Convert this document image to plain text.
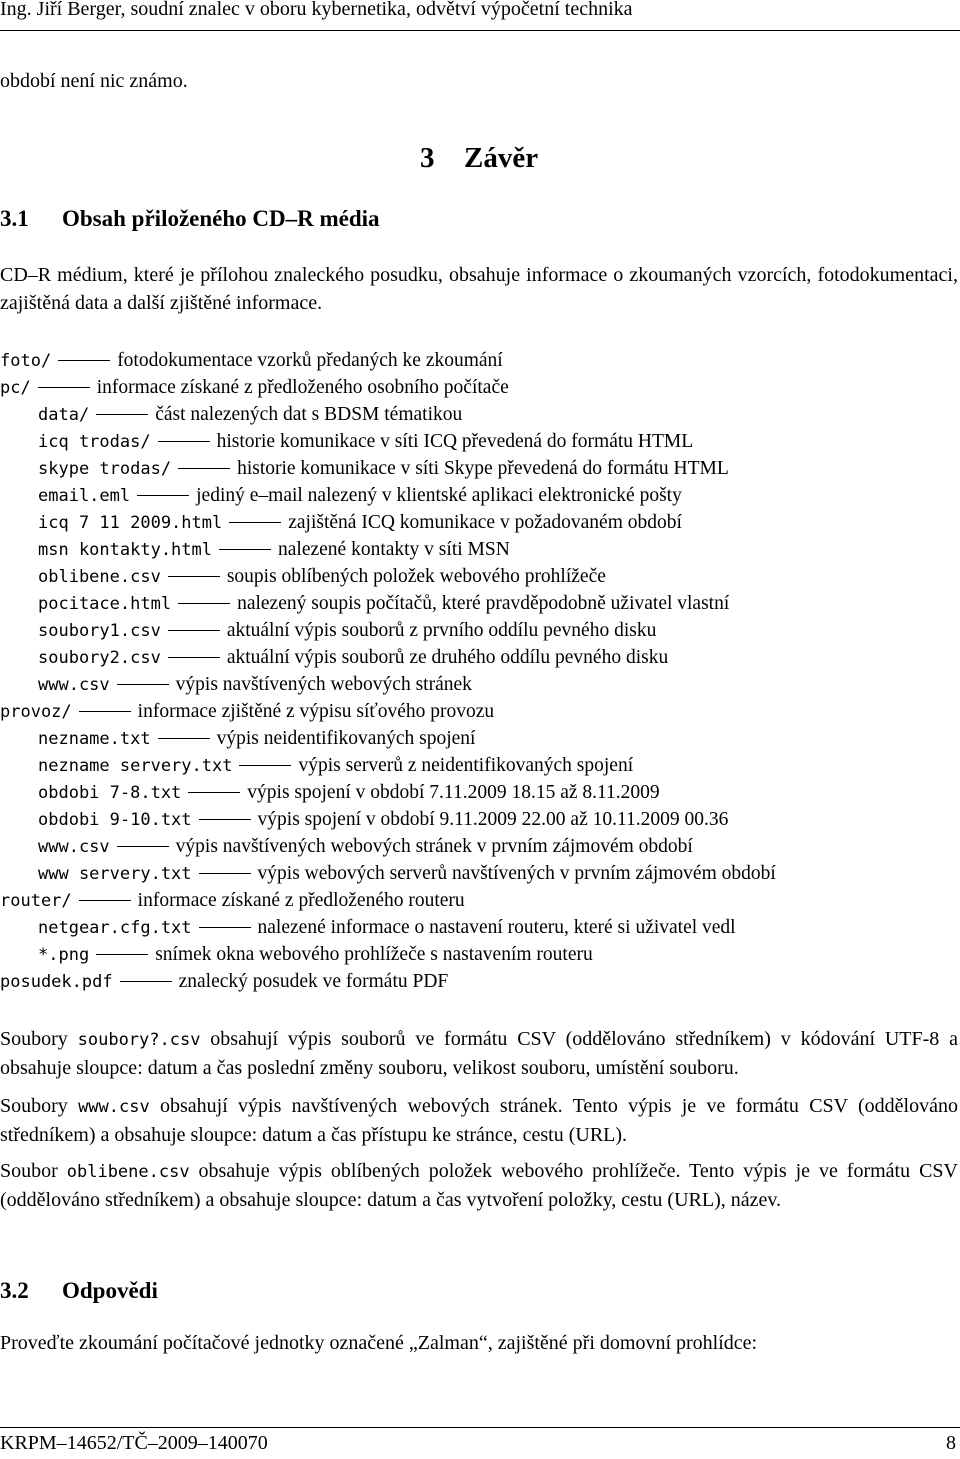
Ing. Jiří Berger, soudní znalec v oboru kybernetika, odvětví výpočetní technika
období není nic známo.
3 Závěr
3.1 Obsah přiloženého CD–R média
CD–R médium, které je přílohou znaleckého posudku, obsahuje informace o zkoumaných vzorcích, fotodokumentaci, zajištěná data a další zjištěné informace.
foto/	fotodokumentace vzorků předaných ke zkoumání
pc/	informace získané z předloženého osobního počítače
data/	část nalezených dat s BDSM tématikou
icq trodas/	historie komunikace v síti ICQ převedená do formátu HTML
skype trodas/	historie komunikace v síti Skype převedená do formátu HTML
email.eml	jediný e–mail nalezený v klientské aplikaci elektronické pošty
icq 7 11 2009.html	zajištěná ICQ komunikace v požadovaném období
msn kontakty.html	nalezené kontakty v síti MSN
oblibene.csv	soupis oblíbených položek webového prohlížeče
pocitace.html	nalezený soupis počítačů, které pravděpodobně uživatel vlastní
soubory1.csv	aktuální výpis souborů z prvního oddílu pevného disku
soubory2.csv	aktuální výpis souborů ze druhého oddílu pevného disku
www.csv	výpis navštívených webových stránek
provoz/	informace zjištěné z výpisu síťového provozu
nezname.txt	výpis neidentifikovaných spojení
nezname servery.txt	výpis serverů z neidentifikovaných spojení
obdobi 7-8.txt	výpis spojení v období 7.11.2009 18.15 až 8.11.2009
obdobi 9-10.txt	výpis spojení v období 9.11.2009 22.00 až 10.11.2009 00.36
www.csv	výpis navštívených webových stránek v prvním zájmovém období
www servery.txt	výpis webových serverů navštívených v prvním zájmovém období
router/	informace získané z předloženého routeru
netgear.cfg.txt	nalezené informace o nastavení routeru, které si uživatel vedl
*.png	snímek okna webového prohlížeče s nastavením routeru
posudek.pdf	znalecký posudek ve formátu PDF
Soubory soubory?.csv obsahují výpis souborů ve formátu CSV (oddělováno středníkem) v kódování UTF-8 a obsahuje sloupce: datum a čas poslední změny souboru, velikost souboru, umístění souboru.
Soubory www.csv obsahují výpis navštívených webových stránek. Tento výpis je ve formátu CSV (oddělováno středníkem) a obsahuje sloupce: datum a čas přístupu ke stránce, cestu (URL).
Soubor oblibene.csv obsahuje výpis oblíbených položek webového prohlížeče. Tento výpis je ve formátu CSV (oddělováno středníkem) a obsahuje sloupce: datum a čas vytvoření položky, cestu (URL), název.
3.2 Odpovědi
Proveďte zkoumání počítačové jednotky označené „Zalman“, zajištěné při domovní prohlídce:
KRPM–14652/TČ–2009–140070	8
